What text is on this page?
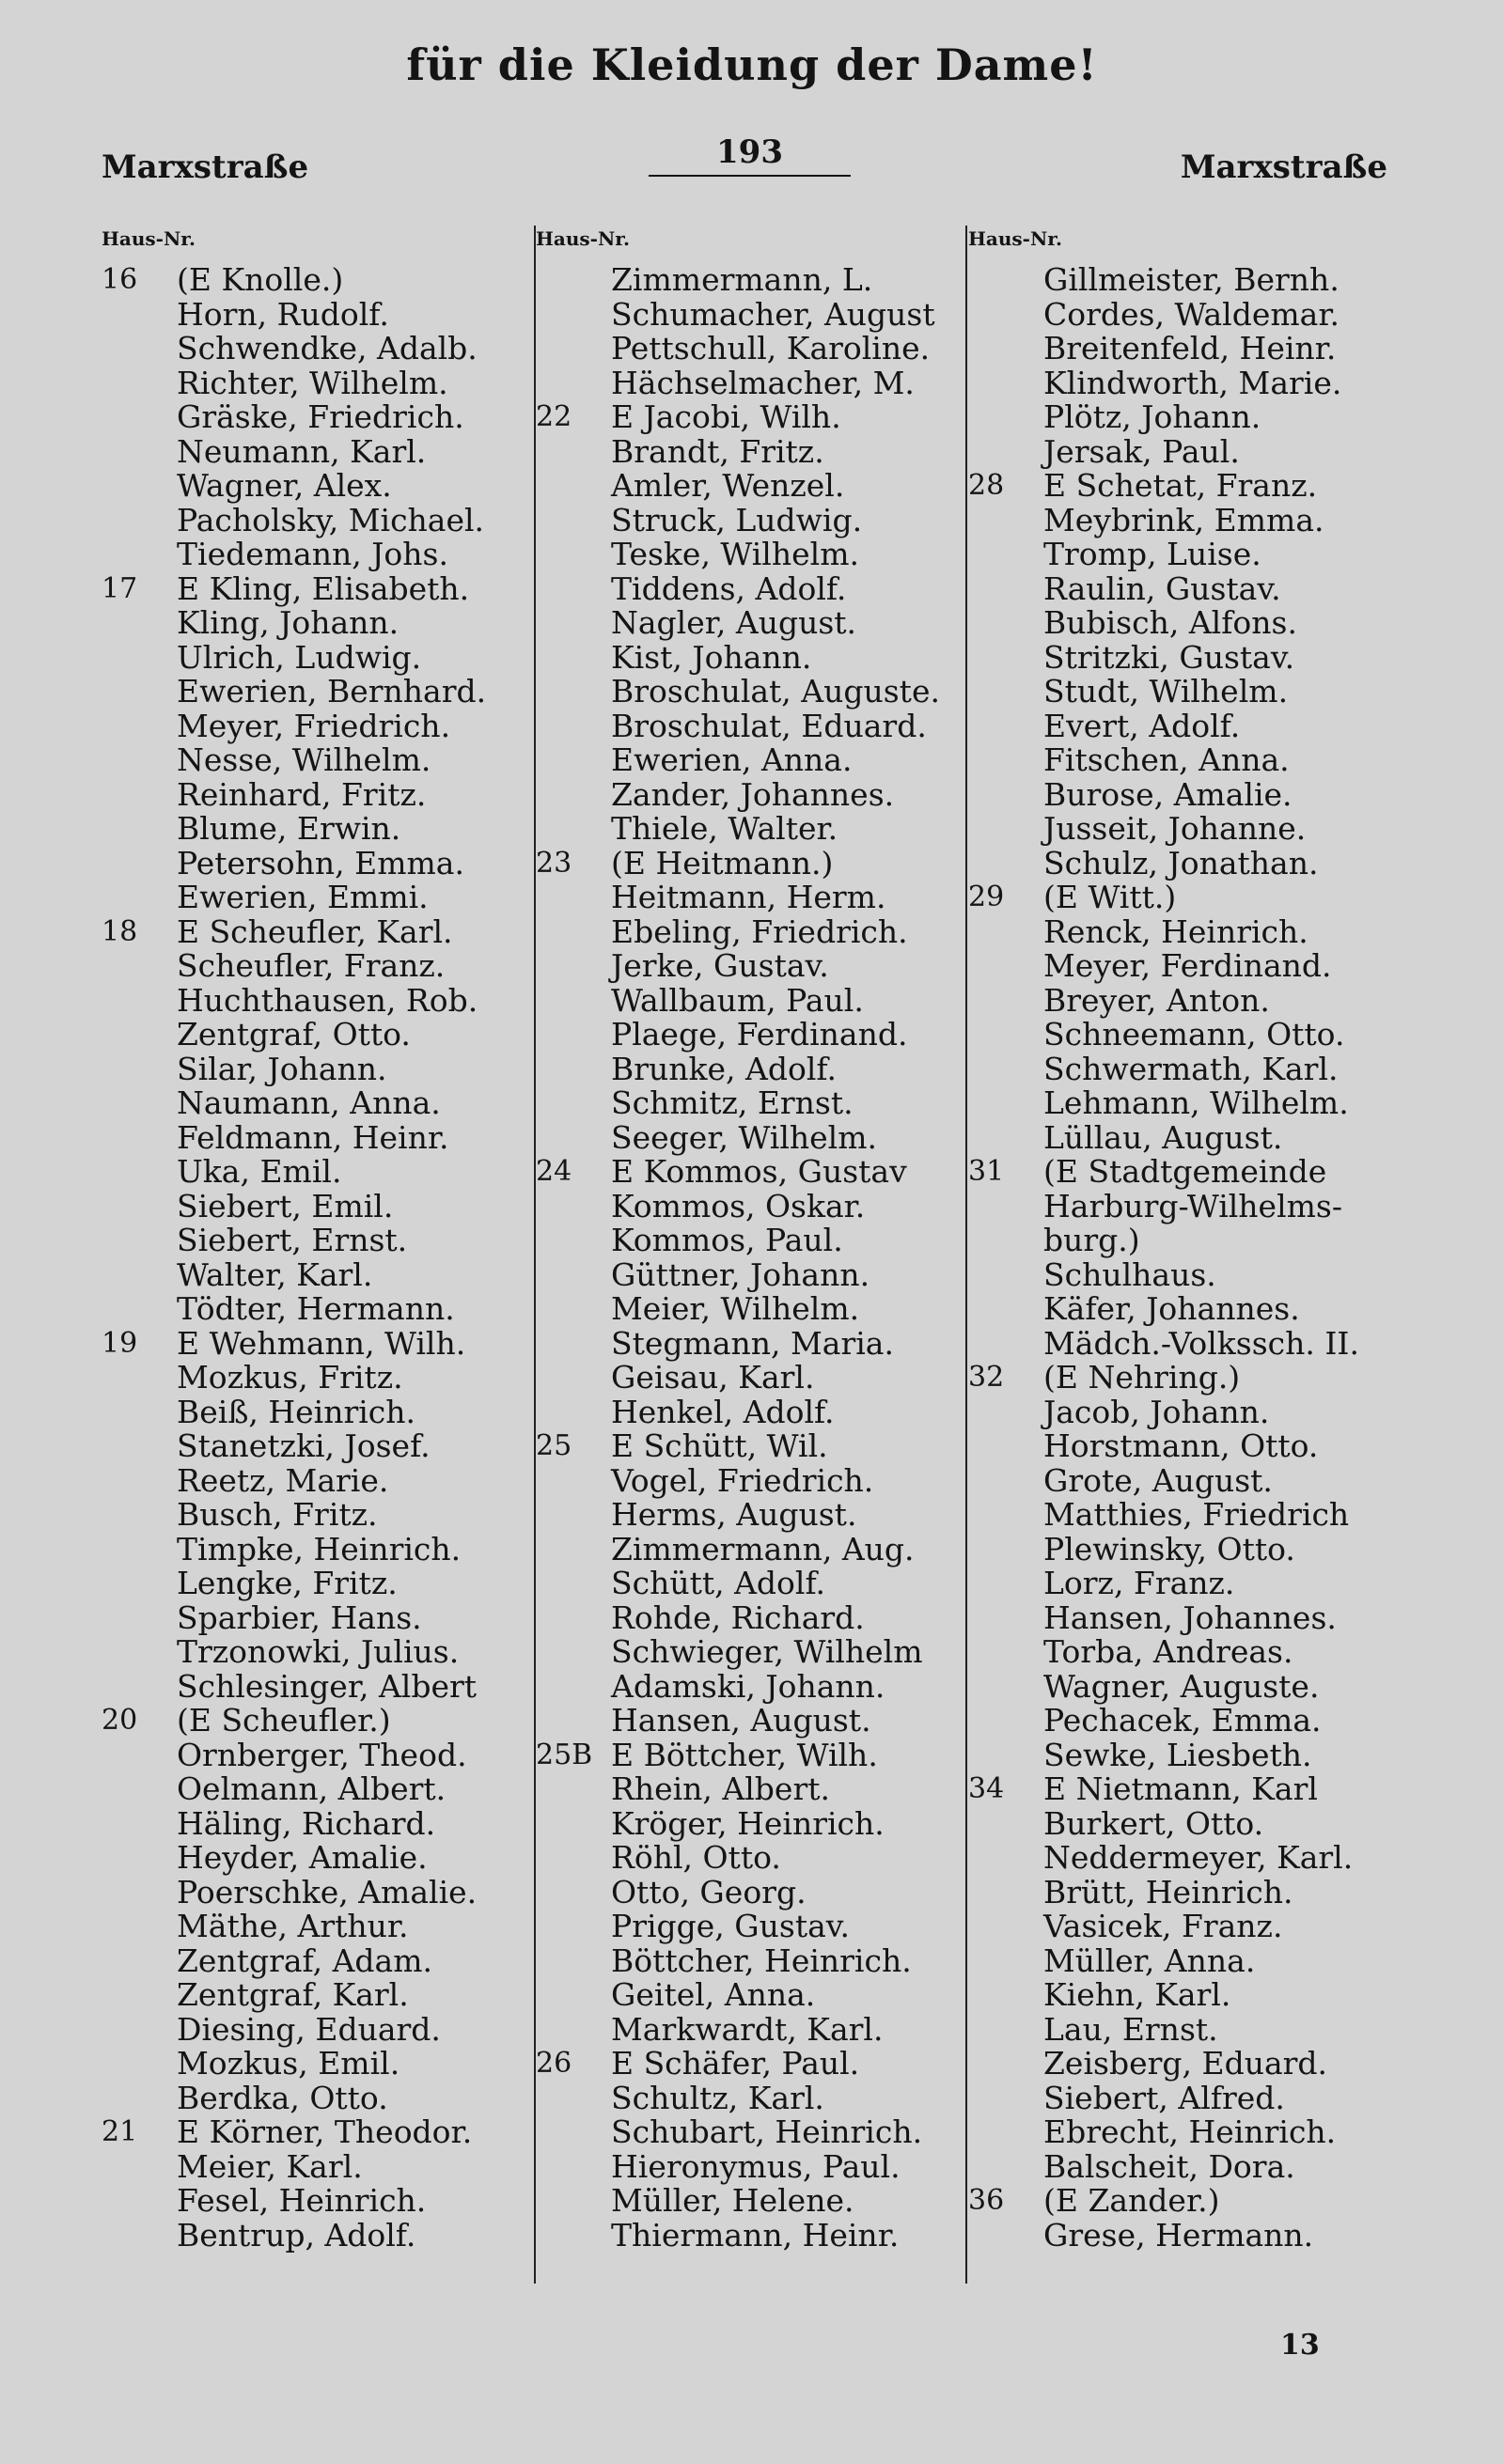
für die Kleidung der Dame!
Marxstraße	193	Marxstraße
Haus-Nr.
16	(E Knolle.)
Horn, Rudolf.
Schwendke, Adalb.
Richter, Wilhelm.
Gräske, Friedrich.
Neumann, Karl.
Wagner, Alex.
Pacholsky, Michael.
Tiedemann, Johs.
17	E Kling, Elisabeth.
Kling, Johann.
Ulrich, Ludwig.
Ewerien, Bernhard.
Meyer, Friedrich.
Nesse, Wilhelm.
Reinhard, Fritz.
Blume, Erwin.
Petersohn, Emma.
Ewerien, Emmi.
18	E Scheufler, Karl.
Scheufler, Franz.
Huchthausen, Rob.
Zentgraf, Otto.
Silar, Johann.
Naumann, Anna.
Feldmann, Heinr.
Uka, Emil.
Siebert, Emil.
Siebert, Ernst.
Walter, Karl.
Tödter, Hermann.
19	E Wehmann, Wilh.
Mozkus, Fritz.
Beiß, Heinrich.
Stanetzki, Josef.
Reetz, Marie.
Busch, Fritz.
Timpke, Heinrich.
Lengke, Fritz.
Sparbier, Hans.
Trzonowki, Julius.
Schlesinger, Albert
20	(E Scheufler.)
Ornberger, Theod.
Oelmann, Albert.
Häling, Richard.
Heyder, Amalie.
Poerschke, Amalie.
Mäthe, Arthur.
Zentgraf, Adam.
Zentgraf, Karl.
Diesing, Eduard.
Mozkus, Emil.
Berdka, Otto.
21	E Körner, Theodor.
Meier, Karl.
Fesel, Heinrich.
Bentrup, Adolf.
Haus-Nr.
Zimmermann, L.
Schumacher, August
Pettschull, Karoline.
Hächselmacher, M.
22	E Jacobi, Wilh.
Brandt, Fritz.
Amler, Wenzel.
Struck, Ludwig.
Teske, Wilhelm.
Tiddens, Adolf.
Nagler, August.
Kist, Johann.
Broschulat, Auguste.
Broschulat, Eduard.
Ewerien, Anna.
Zander, Johannes.
Thiele, Walter.
23	(E Heitmann.)
Heitmann, Herm.
Ebeling, Friedrich.
Jerke, Gustav.
Wallbaum, Paul.
Plaege, Ferdinand.
Brunke, Adolf.
Schmitz, Ernst.
Seeger, Wilhelm.
24	E Kommos, Gustav
Kommos, Oskar.
Kommos, Paul.
Güttner, Johann.
Meier, Wilhelm.
Stegmann, Maria.
Geisau, Karl.
Henkel, Adolf.
25	E Schütt, Wil.
Vogel, Friedrich.
Herms, August.
Zimmermann, Aug.
Schütt, Adolf.
Rohde, Richard.
Schwieger, Wilhelm
Adamski, Johann.
Hansen, August.
25B E Böttcher, Wilh.
Rhein, Albert.
Kröger, Heinrich.
Röhl, Otto.
Otto, Georg.
Prigge, Gustav.
Böttcher, Heinrich.
Geitel, Anna.
Markwardt, Karl.
26	E Schäfer, Paul.
Schultz, Karl.
Schubart, Heinrich.
Hieronymus, Paul.
Müller, Helene.
Thiermann, Heinr.
Haus-Nr.
Gillmeister, Bernh.
Cordes, Waldemar.
Breitenfeld, Heinr.
Klindworth, Marie.
Plötz, Johann.
Jersak, Paul.
28	E Schetat, Franz.
Meybrink, Emma.
Tromp, Luise.
Raulin, Gustav.
Bubisch, Alfons.
Stritzki, Gustav.
Studt, Wilhelm.
Evert, Adolf.
Fitschen, Anna.
Burose, Amalie.
Jusseit, Johanne.
Schulz, Jonathan.
29	(E Witt.)
Renck, Heinrich.
Meyer, Ferdinand.
Breyer, Anton.
Schneemann, Otto.
Schwermath, Karl.
Lehmann, Wilhelm.
Lüllau, August.
31	(E Stadtgemeinde
Harburg-Wilhelms-
burg.)
Schulhaus.
Käfer, Johannes.
Mädch.-Volkssch. II.
32	(E Nehring.)
Jacob, Johann.
Horstmann, Otto.
Grote, August.
Matthies, Friedrich
Plewinsky, Otto.
Lorz, Franz.
Hansen, Johannes.
Torba, Andreas.
Wagner, Auguste.
Pechacek, Emma.
Sewke, Liesbeth.
34	E Nietmann, Karl
Burkert, Otto.
Neddermeyer, Karl.
Brütt, Heinrich.
Vasicek, Franz.
Müller, Anna.
Kiehn, Karl.
Lau, Ernst.
Zeisberg, Eduard.
Siebert, Alfred.
Ebrecht, Heinrich.
Balscheit, Dora.
36	(E Zander.)
Grese, Hermann.
13
